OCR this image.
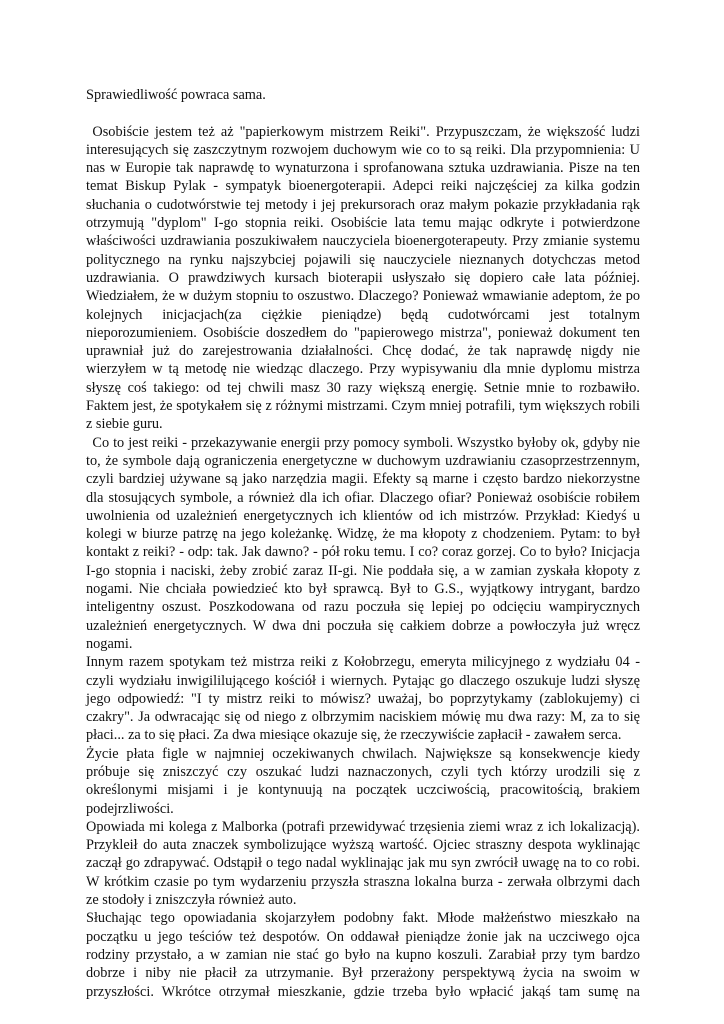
Sprawiedliwość powraca sama.

Osobiście jestem też aż "papierkowym mistrzem Reiki". Przypuszczam, że większość ludzi interesujących się zaszczytnym rozwojem duchowym wie co to są reiki. Dla przypomnienia: U nas w Europie tak naprawdę to wynaturzona i sprofanowana sztuka uzdrawiania. Pisze na ten temat Biskup Pylak - sympatyk bioenergoterapii. Adepci reiki najczęściej za kilka godzin słuchania o cudotwórstwie tej metody i jej prekursorach oraz małym pokazie przykładania rąk otrzymują "dyplom" I-go stopnia reiki. Osobiście lata temu mając odkryte i potwierdzone właściwości uzdrawiania poszukiwałem nauczyciela bioenergoterapeuty. Przy zmianie systemu politycznego na rynku najszybciej pojawili się nauczyciele nieznanych dotychczas metod uzdrawiania. O prawdziwych kursach bioterapii usłyszało się dopiero całe lata później. Wiedziałem, że w dużym stopniu to oszustwo. Dlaczego? Ponieważ wmawianie adeptom, że po kolejnych inicjacjach(za ciężkie pieniądze) będą cudotwórcami jest totalnym nieporozumieniem. Osobiście doszedłem do "papierowego mistrza", ponieważ dokument ten uprawniał już do zarejestrowania działalności. Chcę dodać, że tak naprawdę nigdy nie wierzyłem w tą metodę nie wiedząc dlaczego. Przy wypisywaniu dla mnie dyplomu mistrza słyszę coś takiego: od tej chwili masz 30 razy większą energię. Setnie mnie to rozbawiło. Faktem jest, że spotykałem się z różnymi mistrzami. Czym mniej potrafili, tym większych robili z siebie guru.

Co to jest reiki - przekazywanie energii przy pomocy symboli. Wszystko byłoby ok, gdyby nie to, że symbole dają ograniczenia energetyczne w duchowym uzdrawianiu czasoprzestrzennym, czyli bardziej używane są jako narzędzia magii. Efekty są marne i często bardzo niekorzystne dla stosujących symbole, a również dla ich ofiar. Dlaczego ofiar? Ponieważ osobiście robiłem uwolnienia od uzależnień energetycznych ich klientów od ich mistrzów. Przykład: Kiedyś u kolegi w biurze patrzę na jego koleżankę. Widzę, że ma kłopoty z chodzeniem. Pytam: to był kontakt z reiki? - odp: tak. Jak dawno? - pół roku temu. I co? coraz gorzej. Co to było? Inicjacja I-go stopnia i naciski, żeby zrobić zaraz II-gi. Nie poddała się, a w zamian zyskała kłopoty z nogami. Nie chciała powiedzieć kto był sprawcą. Był to G.S., wyjątkowy intrygant, bardzo inteligentny oszust. Poszkodowana od razu poczuła się lepiej po odcięciu wampirycznych uzależnień energetycznych. W dwa dni poczuła się całkiem dobrze a powłoczyła już wręcz nogami.

Innym razem spotykam też mistrza reiki z Kołobrzegu, emeryta milicyjnego z wydziału 04 - czyli wydziału inwigililującego kościół i wiernych. Pytając go dlaczego oszukuje ludzi słyszę jego odpowiedź: "I ty mistrz reiki to mówisz? uważaj, bo poprzytykamy (zablokujemy) ci czakry". Ja odwracając się od niego z olbrzymim naciskiem mówię mu dwa razy: M, za to się płaci... za to się płaci. Za dwa miesiące okazuje się, że rzeczywiście zapłacił - zawałem serca.

Życie płata figle w najmniej oczekiwanych chwilach. Największe są konsekwencje kiedy próbuje się zniszczyć czy oszukać ludzi naznaczonych, czyli tych którzy urodzili się z określonymi misjami i je kontynuują na początek uczciwością, pracowitością, brakiem podejrzliwości.

Opowiada mi kolega z Malborka (potrafi przewidywać trzęsienia ziemi wraz z ich lokalizacją). Przykleił do auta znaczek symbolizujące wyższą wartość. Ojciec straszny despota wyklinając zaczął go zdrapywać. Odstąpił o tego nadal wyklinając jak mu syn zwrócił uwagę na to co robi. W krótkim czasie po tym wydarzeniu przyszła straszna lokalna burza - zerwała olbrzymi dach ze stodoły i zniszczyła również auto.

Słuchając tego opowiadania skojarzyłem podobny fakt. Młode małżeństwo mieszkało na początku u jego teściów też despotów. On oddawał pieniądze żonie jak na uczciwego ojca rodziny przystało, a w zamian nie stać go było na kupno koszuli. Zarabiał przy tym bardzo dobrze i niby nie płacił za utrzymanie. Był przerażony perspektywą życia na swoim w przyszłości. Wkrótce otrzymał mieszkanie, gdzie trzeba było wpłacić jakąś tam sumę na
